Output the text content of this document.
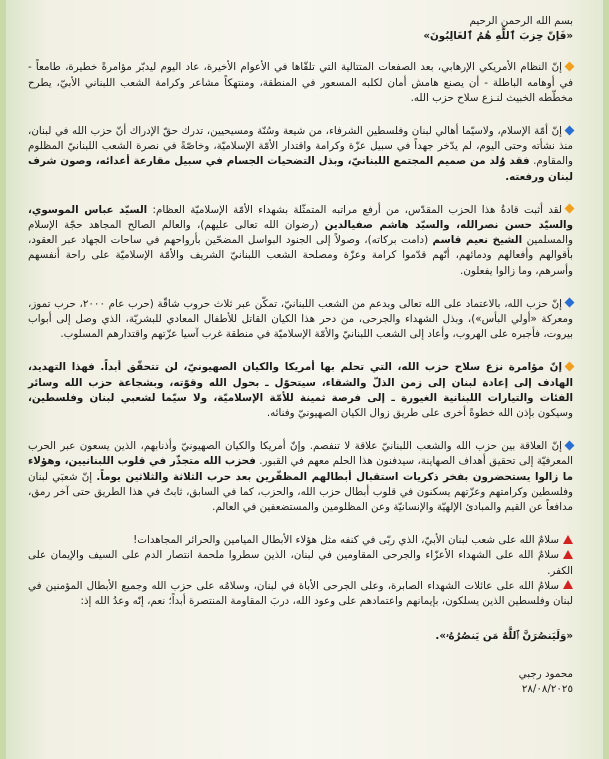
بسم الله الرحمن الرحيم

«فَإنّ حِزبَ ٱللَّهِ هُمُ ٱلغَالِبُونَ»

إنّ النظام الأمريكي الإرهابي، بعد الصفعات المتتالية التي تلقّاها في الأعوام الأخيرة، عاد اليوم ليدبّر مؤامرةً خطيرة، طامعاً - في أوهامه الباطلة - أن يصنع هامش أمان لكلبه المسعور في المنطقة، ومنتهكاً مشاعر وكرامة الشعب اللبناني الأبيّ، يطرح مخطّطه الخبيث لنـزع سلاح حزب الله.

إنّ أمّة الإسلام، ولاسيّما أهالي لبنان وفلسطين الشرفاء، من شيعة وسُنّة ومسيحيين، تدرك حقّ الإدراك أنّ حزب الله في لبنان، منذ نشأته وحتى اليوم، لم يدّخر جهداً في سبيل عزّة وكرامة واقتدار الأمّة الإسلاميّة، وخاصّةً في نصرة الشعب اللبنانيّ المظلوم والمقاوم. فقد وُلد من صميم المجتمع اللبنانيّ، وبذل التضحيات الجسام في سبيل مقارعة أعدائه، وصون شرف لبنان ورفعته.

لقد أثبت قادةُ هذا الحزب المقدّس، من أرفع مراتبه المتمثّلة بشهداء الأمّة الإسلاميّة العظام: السيّد عباس الموسوي، والسيّد حسن نصرالله، والسيّد هاشم صفيالدين (رضوان الله تعالى عليهم)، والعالم الصالح المجاهد حجّة الإسلام والمسلمين الشيخ نعيم قاسم (دامت بركاته)، وصولاً إلى الجنود البواسل المضحّين بأرواحهم في ساحات الجهاد عبر العقود، بأقوالهم وأفعالهم ودمائهم، أنّهم قدّموا كرامة وعزّة ومصلحة الشعب اللبنانيّ الشريف والأمّة الإسلاميّة على راحة أنفسهم وأسرهم، وما زالوا يفعلون.

إنّ حزب الله، بالاعتماد على الله تعالى وبدعم من الشعب اللبنانيّ، تمكّن عبر ثلاث حروب شاقّة (حرب عام ٢٠٠٠، حرب تموز، ومعركة «أولي البأس»)، وبذل الشهداء والجرحى، من دحر هذا الكيان القاتل للأطفال المعادي للبشريّة، الذي وصل إلى أبواب بيروت، فأجبره على الهروب، وأعاد إلى الشعب اللبنانيّ والأمّة الإسلاميّة في منطقة غرب آسيا عزّتهم واقتدارهم المسلوب.

إنّ مؤامرة نزع سلاح حزب الله، التي تحلم بها أمريكا والكيان الصهيونيّ، لن تتحقّق أبداً. فهذا التهديد، الهادف إلى إعادة لبنان إلى زمن الذلّ والشقاء، سيتحوّل ـ بحول الله وقوّته، وبشجاعة حزب الله وسائر الفئات والتيارات اللبنانية الغيورة ـ إلى فرصة ثمينة للأمّة الإسلاميّة، ولا سيّما لشعبي لبنان وفلسطين، وسيكون بإذن الله خطوةً أخرى على طريق زوال الكيان الصهيونيّ وفنائه.

إنّ العلاقة بين حزب الله والشعب اللبنانيّ علاقة لا تنفصم. وإنّ أمريكا والكيان الصهيونيّ وأذنابهم، الذين يسعون عبر الحرب المعرفيّة إلى تحقيق أهداف الصهاينة، سيدفنون هذا الحلم معهم في القبور. فحزب الله متجذّر في قلوب اللبنانيين، وهؤلاء ما زالوا يستحضرون بفخر ذكريات استقبال أبطالهم المظفّرين بعد حرب الثلاثة والثلاثين يوماً. إنّ شعبَي لبنان وفلسطين وكرامتهم وعزّتهم يسكنون في قلوب أبطال حزب الله، والحزب، كما في السابق، ثابتٌ في هذا الطريق حتى آخر رمق، مدافعاً عن القيم والمبادئ الإلهيّة والإنسانيّة وعن المظلومين والمستضعفين في العالم.

سلامٌ الله على شعب لبنان الأبيّ، الذي ربّى في كنفه مثل هؤلاء الأبطال الميامين والحرائر المجاهدات!

سلامٌ الله على الشهداء الأعزّاء والجرحى المقاومين في لبنان، الذين سطروا ملحمة انتصار الدم على السيف والإيمان على الكفر.

سلامُ الله على عائلات الشهداء الصابرة، وعلى الجرحى الأباة في لبنان، وسلامُه على حزب الله وجميع الأبطال المؤمنين في لبنان وفلسطين الذين يسلكون، بإيمانهم واعتمادهم على وعود الله، دربَ المقاومة المنتصرة أبداً؛ نعم، إنّه وعدُ الله إذ:

«وَلَيَنصُرَنَّ ٱللَّهُ مَن يَنصُرُهُۥ».

محمود رجبي

٢٨/٠٨/٢٠٢٥
